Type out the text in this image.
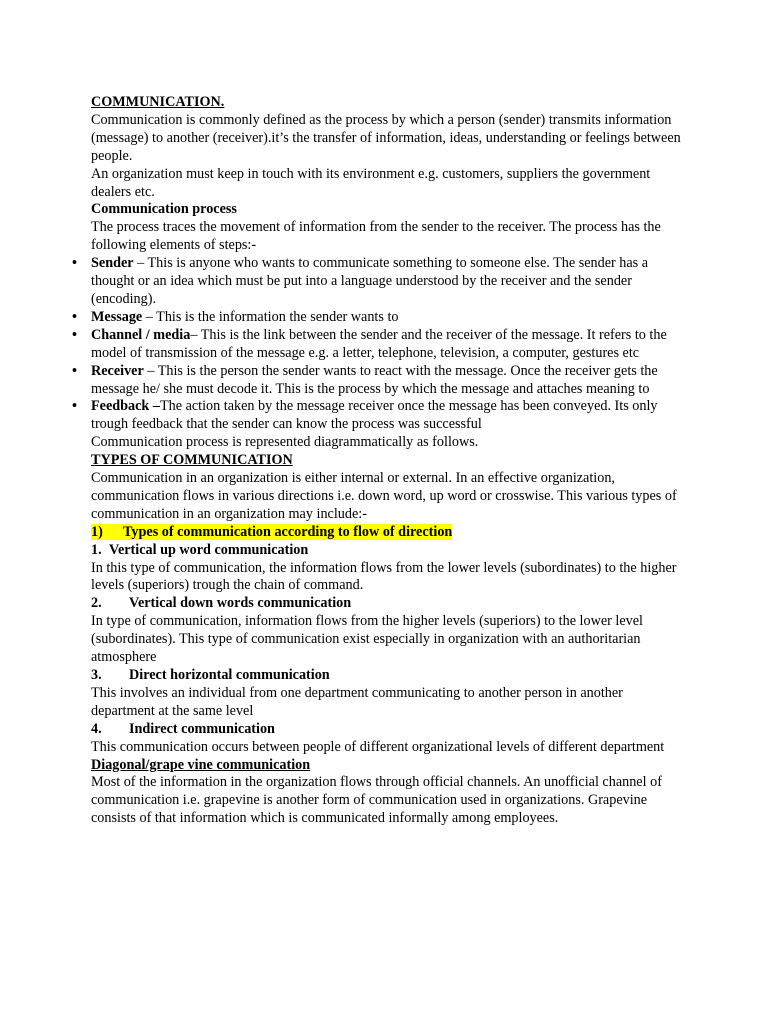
COMMUNICATION.

Communication is commonly defined as the process by which a person (sender) transmits information (message) to another (receiver).it’s the transfer of information, ideas, understanding or feelings between people.

An organization must keep in touch with its environment e.g. customers, suppliers the government dealers etc.

Communication process

The process traces the movement of information from the sender to the receiver. The process has the following elements of steps:-

• Sender – This is anyone who wants to communicate something to someone else. The sender has a thought or an idea which must be put into a language understood by the receiver and the sender (encoding).
• Message – This is the information the sender wants to
• Channel / media– This is the link between the sender and the receiver of the message. It refers to the model of transmission of the message e.g. a letter, telephone, television, a computer, gestures etc
• Receiver – This is the person the sender wants to react with the message. Once the receiver gets the message he/ she must decode it. This is the process by which the message and attaches meaning to
• Feedback –The action taken by the message receiver once the message has been conveyed. Its only trough feedback that the sender can know the process was successful

Communication process is represented diagrammatically as follows.

TYPES OF COMMUNICATION

Communication in an organization is either internal or external. In an effective organization, communication flows in various directions i.e. down word, up word or crosswise. This various types of communication in an organization may include:-

1) Types of communication according to flow of direction

1. Vertical up word communication

In this type of communication, the information flows from the lower levels (subordinates) to the higher levels (superiors) trough the chain of command.

2. Vertical down words communication

In type of communication, information flows from the higher levels (superiors) to the lower level (subordinates). This type of communication exist especially in organization with an authoritarian atmosphere

3. Direct horizontal communication

This involves an individual from one department communicating to another person in another department at the same level

4. Indirect communication

This communication occurs between people of different organizational levels of different department

Diagonal/grape vine communication

Most of the information in the organization flows through official channels. An unofficial channel of communication i.e. grapevine is another form of communication used in organizations. Grapevine consists of that information which is communicated informally among employees.
